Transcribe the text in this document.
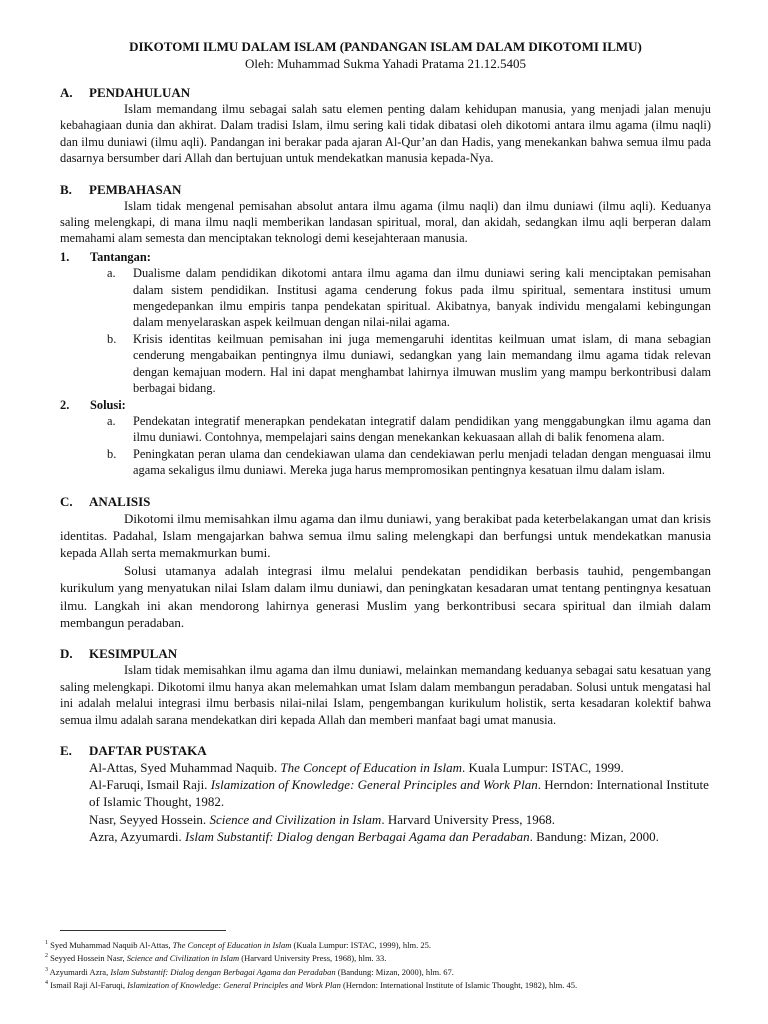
DIKOTOMI ILMU DALAM ISLAM (PANDANGAN ISLAM DALAM DIKOTOMI ILMU)
Oleh: Muhammad Sukma Yahadi Pratama 21.12.5405
A.	PENDAHULUAN

Islam memandang ilmu sebagai salah satu elemen penting dalam kehidupan manusia, yang menjadi jalan menuju kebahagiaan dunia dan akhirat. Dalam tradisi Islam, ilmu sering kali tidak dibatasi oleh dikotomi antara ilmu agama (ilmu naqli) dan ilmu duniawi (ilmu aqli). Pandangan ini berakar pada ajaran Al-Qur’an dan Hadis, yang menekankan bahwa semua ilmu pada dasarnya bersumber dari Allah dan bertujuan untuk mendekatkan manusia kepada-Nya.

B.	PEMBAHASAN

Islam tidak mengenal pemisahan absolut antara ilmu agama (ilmu naqli) dan ilmu duniawi (ilmu aqli). Keduanya saling melengkapi, di mana ilmu naqli memberikan landasan spiritual, moral, dan akidah, sedangkan ilmu aqli berperan dalam memahami alam semesta dan menciptakan teknologi demi kesejahteraan manusia.

1.	Tantangan:
a.	Dualisme dalam pendidikan dikotomi antara ilmu agama dan ilmu duniawi sering kali menciptakan pemisahan dalam sistem pendidikan. Institusi agama cenderung fokus pada ilmu spiritual, sementara institusi umum mengedepankan ilmu empiris tanpa pendekatan spiritual. Akibatnya, banyak individu mengalami kebingungan dalam menyelaraskan aspek keilmuan dengan nilai-nilai agama.
b.	Krisis identitas keilmuan pemisahan ini juga memengaruhi identitas keilmuan umat islam, di mana sebagian cenderung mengabaikan pentingnya ilmu duniawi, sedangkan yang lain memandang ilmu agama tidak relevan dengan kemajuan modern. Hal ini dapat menghambat lahirnya ilmuwan muslim yang mampu berkontribusi dalam berbagai bidang.
2.	Solusi:
a.	Pendekatan integratif menerapkan pendekatan integratif dalam pendidikan yang menggabungkan ilmu agama dan ilmu duniawi. Contohnya, mempelajari sains dengan menekankan kekuasaan allah di balik fenomena alam.
b.	Peningkatan peran ulama dan cendekiawan ulama dan cendekiawan perlu menjadi teladan dengan menguasai ilmu agama sekaligus ilmu duniawi. Mereka juga harus mempromosikan pentingnya kesatuan ilmu dalam islam.
C.	ANALISIS

Dikotomi ilmu memisahkan ilmu agama dan ilmu duniawi, yang berakibat pada keterbelakangan umat dan krisis identitas. Padahal, Islam mengajarkan bahwa semua ilmu saling melengkapi dan berfungsi untuk mendekatkan manusia kepada Allah serta memakmurkan bumi.

Solusi utamanya adalah integrasi ilmu melalui pendekatan pendidikan berbasis tauhid, pengembangan kurikulum yang menyatukan nilai Islam dalam ilmu duniawi, dan peningkatan kesadaran umat tentang pentingnya kesatuan ilmu. Langkah ini akan mendorong lahirnya generasi Muslim yang berkontribusi secara spiritual dan ilmiah dalam membangun peradaban.

D.	KESIMPULAN

Islam tidak memisahkan ilmu agama dan ilmu duniawi, melainkan memandang keduanya sebagai satu kesatuan yang saling melengkapi. Dikotomi ilmu hanya akan melemahkan umat Islam dalam membangun peradaban. Solusi untuk mengatasi hal ini adalah melalui integrasi ilmu berbasis nilai-nilai Islam, pengembangan kurikulum holistik, serta kesadaran kolektif bahwa semua ilmu adalah sarana mendekatkan diri kepada Allah dan memberi manfaat bagi umat manusia.

E.	DAFTAR PUSTAKA
Al-Attas, Syed Muhammad Naquib. The Concept of Education in Islam. Kuala Lumpur: ISTAC, 1999.
Al-Faruqi, Ismail Raji. Islamization of Knowledge: General Principles and Work Plan. Herndon: International Institute of Islamic Thought, 1982.
Nasr, Seyyed Hossein. Science and Civilization in Islam. Harvard University Press, 1968.
Azra, Azyumardi. Islam Substantif: Dialog dengan Berbagai Agama dan Peradaban. Bandung: Mizan, 2000.
$^1$ Syed Muhammad Naquib Al-Attas, The Concept of Education in Islam (Kuala Lumpur: ISTAC, 1999), hlm. 25.
$^2$ Seyyed Hossein Nasr, Science and Civilization in Islam (Harvard University Press, 1968), hlm. 33.
$^3$ Azyumardi Azra, Islam Substantif: Dialog dengan Berbagai Agama dan Peradaban (Bandung: Mizan, 2000), hlm. 67.
$^4$ Ismail Raji Al-Faruqi, Islamization of Knowledge: General Principles and Work Plan (Herndon: International Institute of Islamic Thought, 1982), hlm. 45.
